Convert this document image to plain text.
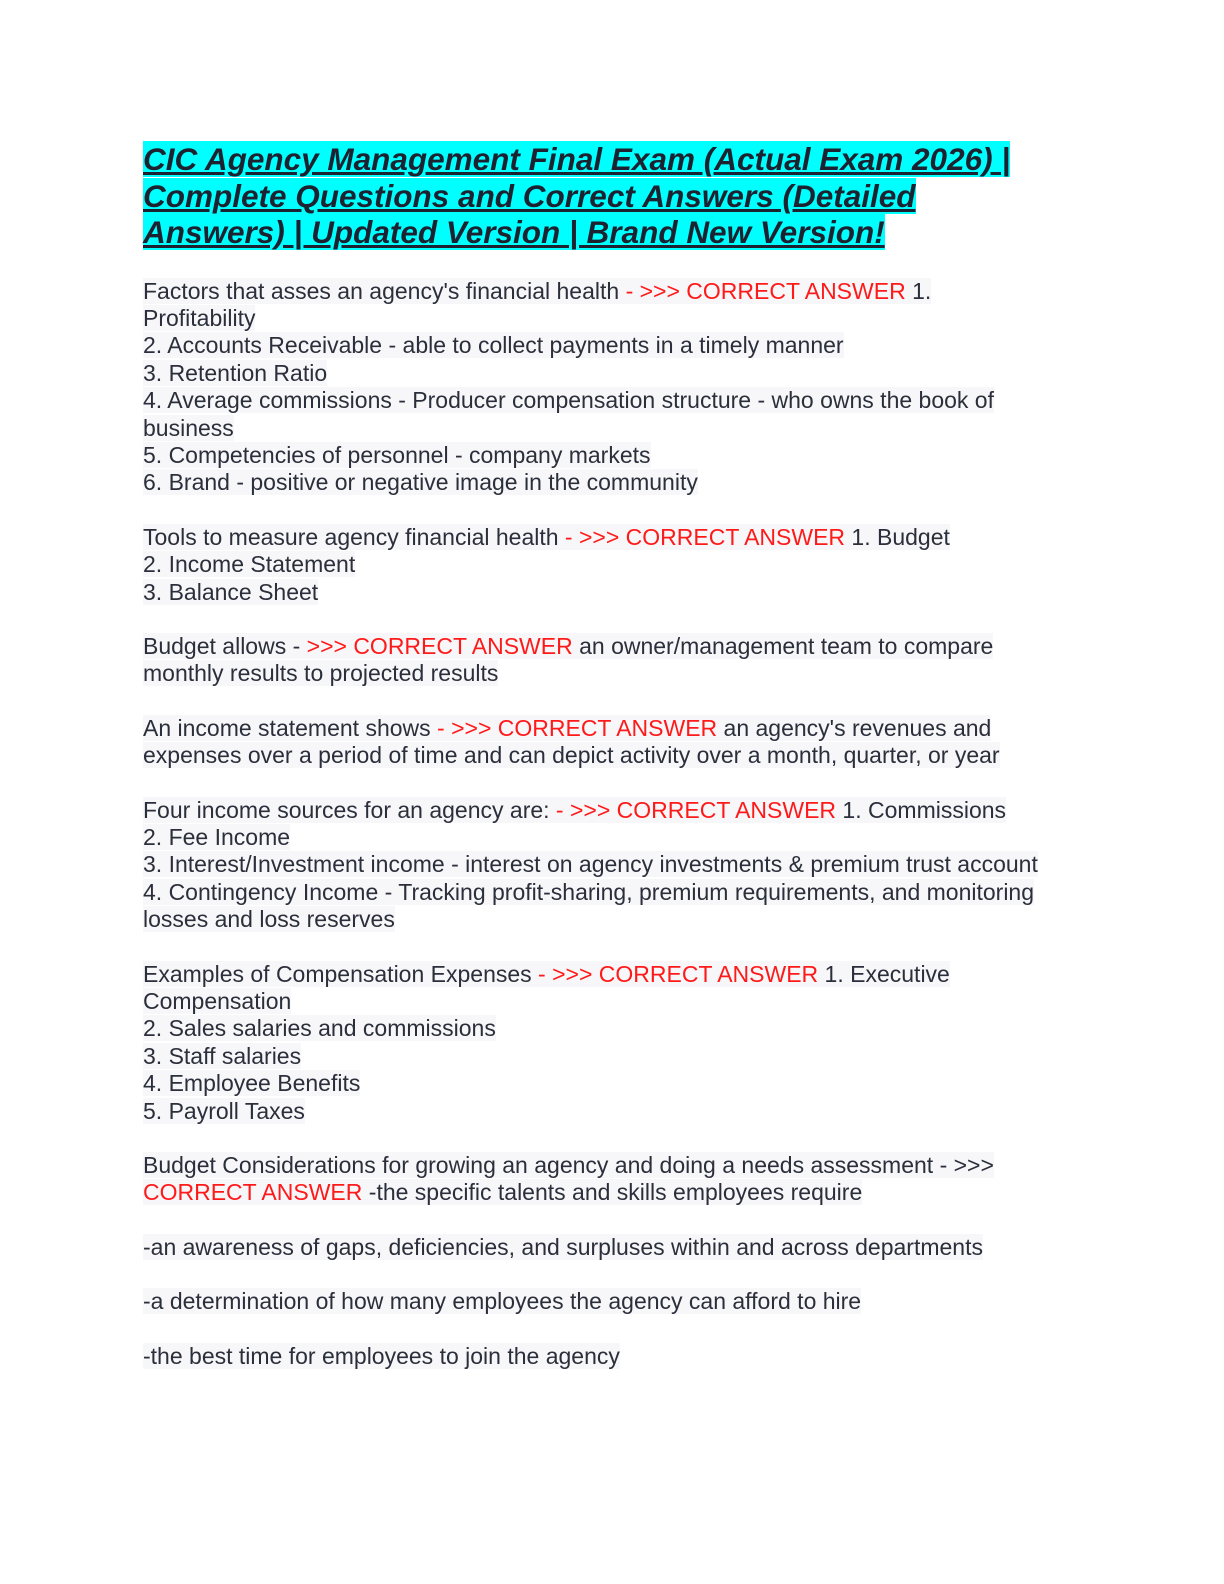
CIC Agency Management Final Exam (Actual Exam 2026) |
Complete Questions and Correct Answers (Detailed
Answers) | Updated Version | Brand New Version!
Factors that asses an agency's financial health - >>> CORRECT ANSWER 1.
Profitability
2. Accounts Receivable - able to collect payments in a timely manner
3. Retention Ratio
4. Average commissions - Producer compensation structure - who owns the book of
business
5. Competencies of personnel - company markets
6. Brand - positive or negative image in the community
Tools to measure agency financial health - >>> CORRECT ANSWER 1. Budget
2. Income Statement
3. Balance Sheet
Budget allows - >>> CORRECT ANSWER an owner/management team to compare
monthly results to projected results
An income statement shows - >>> CORRECT ANSWER an agency's revenues and
expenses over a period of time and can depict activity over a month, quarter, or year
Four income sources for an agency are: - >>> CORRECT ANSWER 1. Commissions
2. Fee Income
3. Interest/Investment income - interest on agency investments & premium trust account
4. Contingency Income - Tracking profit-sharing, premium requirements, and monitoring
losses and loss reserves
Examples of Compensation Expenses - >>> CORRECT ANSWER 1. Executive
Compensation
2. Sales salaries and commissions
3. Staff salaries
4. Employee Benefits
5. Payroll Taxes
Budget Considerations for growing an agency and doing a needs assessment - >>>
CORRECT ANSWER -the specific talents and skills employees require
-an awareness of gaps, deficiencies, and surpluses within and across departments
-a determination of how many employees the agency can afford to hire
-the best time for employees to join the agency
